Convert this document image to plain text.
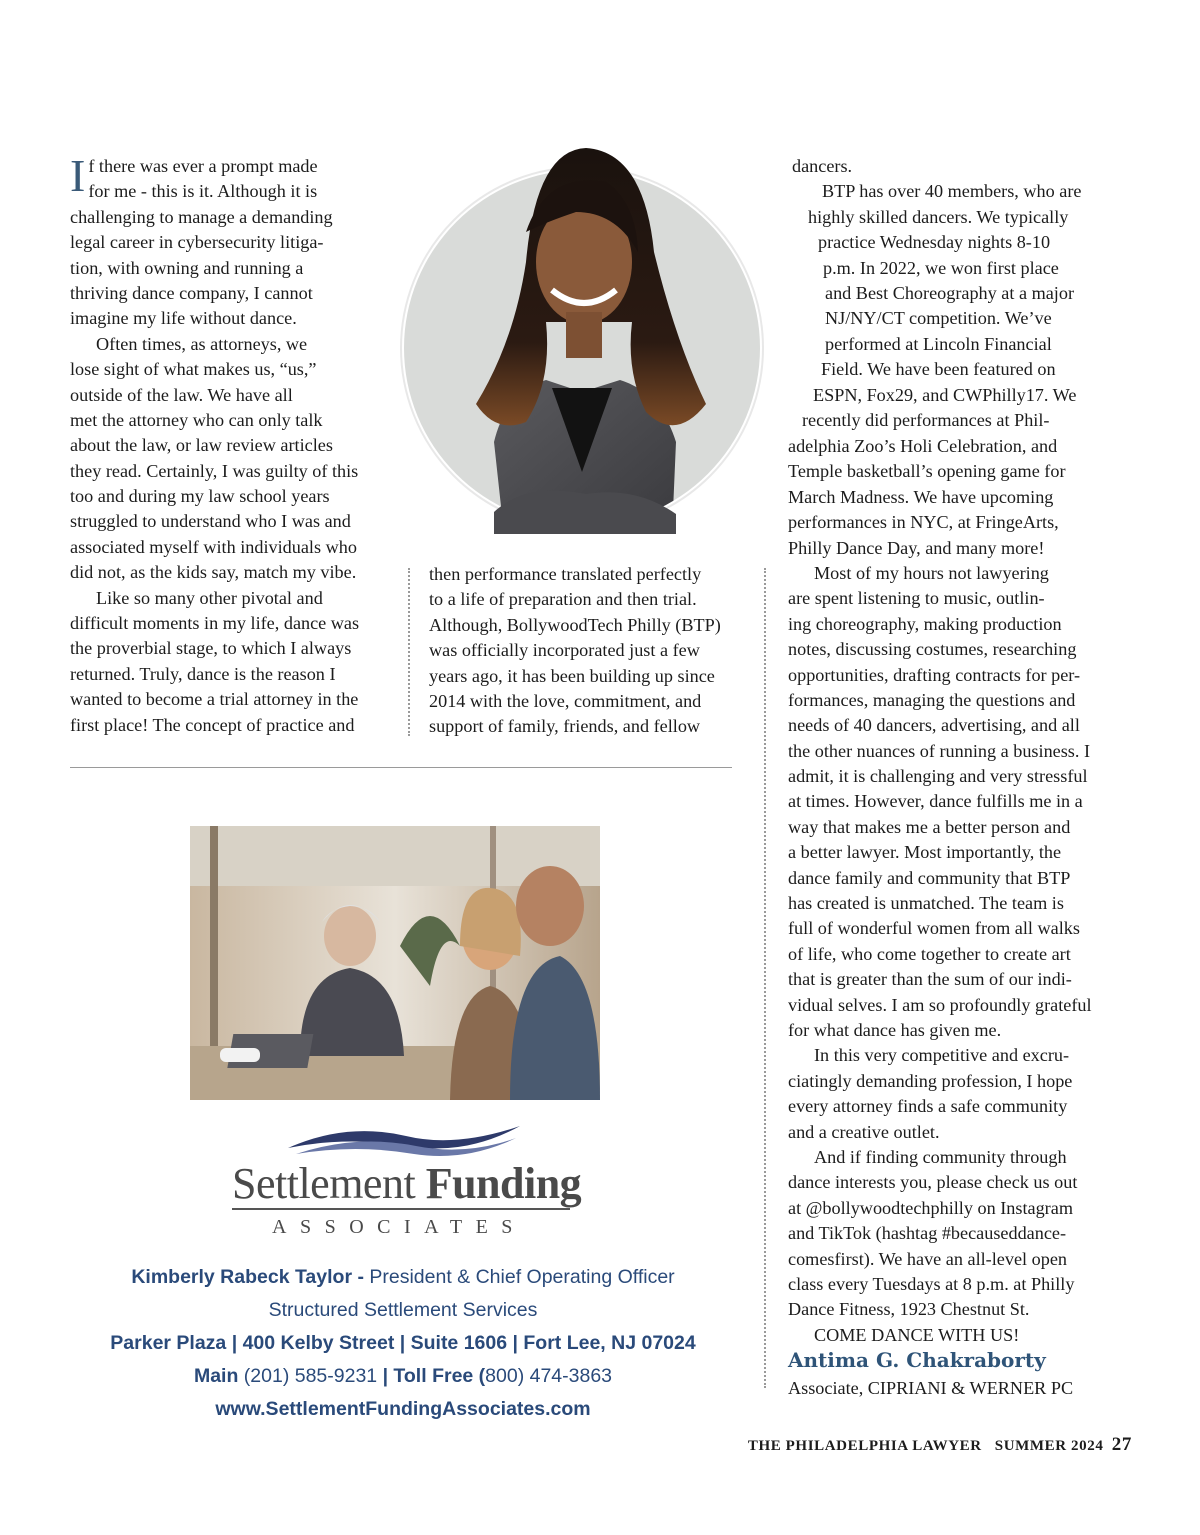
I f there was ever a prompt made
for me - this is it. Although it is
challenging to manage a demanding
legal career in cybersecurity litiga-
tion, with owning and running a
thriving dance company, I cannot
imagine my life without dance.
Often times, as attorneys, we
lose sight of what makes us, “us,”
outside of the law. We have all
met the attorney who can only talk
about the law, or law review articles
they read. Certainly, I was guilty of this
too and during my law school years
struggled to understand who I was and
associated myself with individuals who
did not, as the kids say, match my vibe.
Like so many other pivotal and
difficult moments in my life, dance was
the proverbial stage, to which I always
returned. Truly, dance is the reason I
wanted to become a trial attorney in the
first place! The concept of practice and
then performance translated perfectly
to a life of preparation and then trial.
Although, BollywoodTech Philly (BTP)
was officially incorporated just a few
years ago, it has been building up since
2014 with the love, commitment, and
support of family, friends, and fellow
dancers.
BTP has over 40 members, who are
highly skilled dancers. We typically
practice Wednesday nights 8-10
p.m. In 2022, we won first place
and Best Choreography at a major
NJ/NY/CT competition. We’ve
performed at Lincoln Financial
Field. We have been featured on
ESPN, Fox29, and CWPhilly17. We
recently did performances at Phil-
adelphia Zoo’s Holi Celebration, and
Temple basketball’s opening game for
March Madness. We have upcoming
performances in NYC, at FringeArts,
Philly Dance Day, and many more!
Most of my hours not lawyering
are spent listening to music, outlin-
ing choreography, making production
notes, discussing costumes, researching
opportunities, drafting contracts for per-
formances, managing the questions and
needs of 40 dancers, advertising, and all
the other nuances of running a business. I
admit, it is challenging and very stressful
at times. However, dance fulfills me in a
way that makes me a better person and
a better lawyer. Most importantly, the
dance family and community that BTP
has created is unmatched. The team is
full of wonderful women from all walks
of life, who come together to create art
that is greater than the sum of our indi-
vidual selves. I am so profoundly grateful
for what dance has given me.
In this very competitive and excru-
ciatingly demanding profession, I hope
every attorney finds a safe community
and a creative outlet.
And if finding community through
dance interests you, please check us out
at @bollywoodtechphilly on Instagram
and TikTok (hashtag #becauseddance-
comesfirst). We have an all-level open
class every Tuesdays at 8 p.m. at Philly
Dance Fitness, 1923 Chestnut St.
COME DANCE WITH US!
Antima G. Chakraborty
Associate, CIPRIANI & WERNER PC
Settlement Funding
ASSOCIATES
Kimberly Rabeck Taylor - President & Chief Operating Officer
Structured Settlement Services
Parker Plaza | 400 Kelby Street | Suite 1606 | Fort Lee, NJ 07024
Main (201) 585-9231 | Toll Free (800) 474-3863
www.SettlementFundingAssociates.com
THE PHILADELPHIA LAWYER SUMMER 2024 27
